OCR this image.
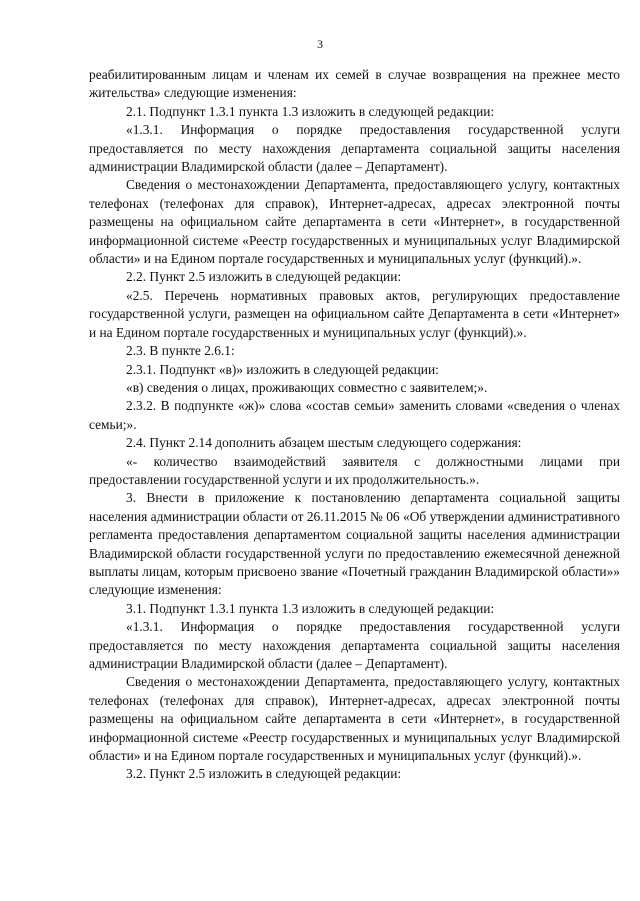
3

реабилитированным лицам и членам их семей в случае возвращения на прежнее место жительства» следующие изменения:

2.1. Подпункт 1.3.1 пункта 1.3 изложить в следующей редакции:

«1.3.1. Информация о порядке предоставления государственной услуги предоставляется по месту нахождения департамента социальной защиты населения администрации Владимирской области (далее – Департамент).

Сведения о местонахождении Департамента, предоставляющего услугу, контактных телефонах (телефонах для справок), Интернет-адресах, адресах электронной почты размещены на официальном сайте департамента в сети «Интернет», в государственной информационной системе «Реестр государственных и муниципальных услуг Владимирской области» и на Едином портале государственных и муниципальных услуг (функций).».

2.2. Пункт 2.5 изложить в следующей редакции:

«2.5. Перечень нормативных правовых актов, регулирующих предоставление государственной услуги, размещен на официальном сайте Департамента в сети «Интернет» и на Едином портале государственных и муниципальных услуг (функций).».

2.3. В пункте 2.6.1:

2.3.1. Подпункт «в)» изложить в следующей редакции:

«в) сведения о лицах, проживающих совместно с заявителем;».

2.3.2. В подпункте «ж)» слова «состав семьи» заменить словами «сведения о членах семьи;».

2.4. Пункт 2.14 дополнить абзацем шестым следующего содержания:

«- количество взаимодействий заявителя с должностными лицами при предоставлении государственной услуги и их продолжительность.».

3. Внести в приложение к постановлению департамента социальной защиты населения администрации области от 26.11.2015 № 06 «Об утверждении административного регламента предоставления департаментом социальной защиты населения администрации Владимирской области государственной услуги по предоставлению ежемесячной денежной выплаты лицам, которым присвоено звание «Почетный гражданин Владимирской области»» следующие изменения:

3.1. Подпункт 1.3.1 пункта 1.3 изложить в следующей редакции:

«1.3.1. Информация о порядке предоставления государственной услуги предоставляется по месту нахождения департамента социальной защиты населения администрации Владимирской области (далее – Департамент).

Сведения о местонахождении Департамента, предоставляющего услугу, контактных телефонах (телефонах для справок), Интернет-адресах, адресах электронной почты размещены на официальном сайте департамента в сети «Интернет», в государственной информационной системе «Реестр государственных и муниципальных услуг Владимирской области» и на Едином портале государственных и муниципальных услуг (функций).».

3.2. Пункт 2.5 изложить в следующей редакции:
